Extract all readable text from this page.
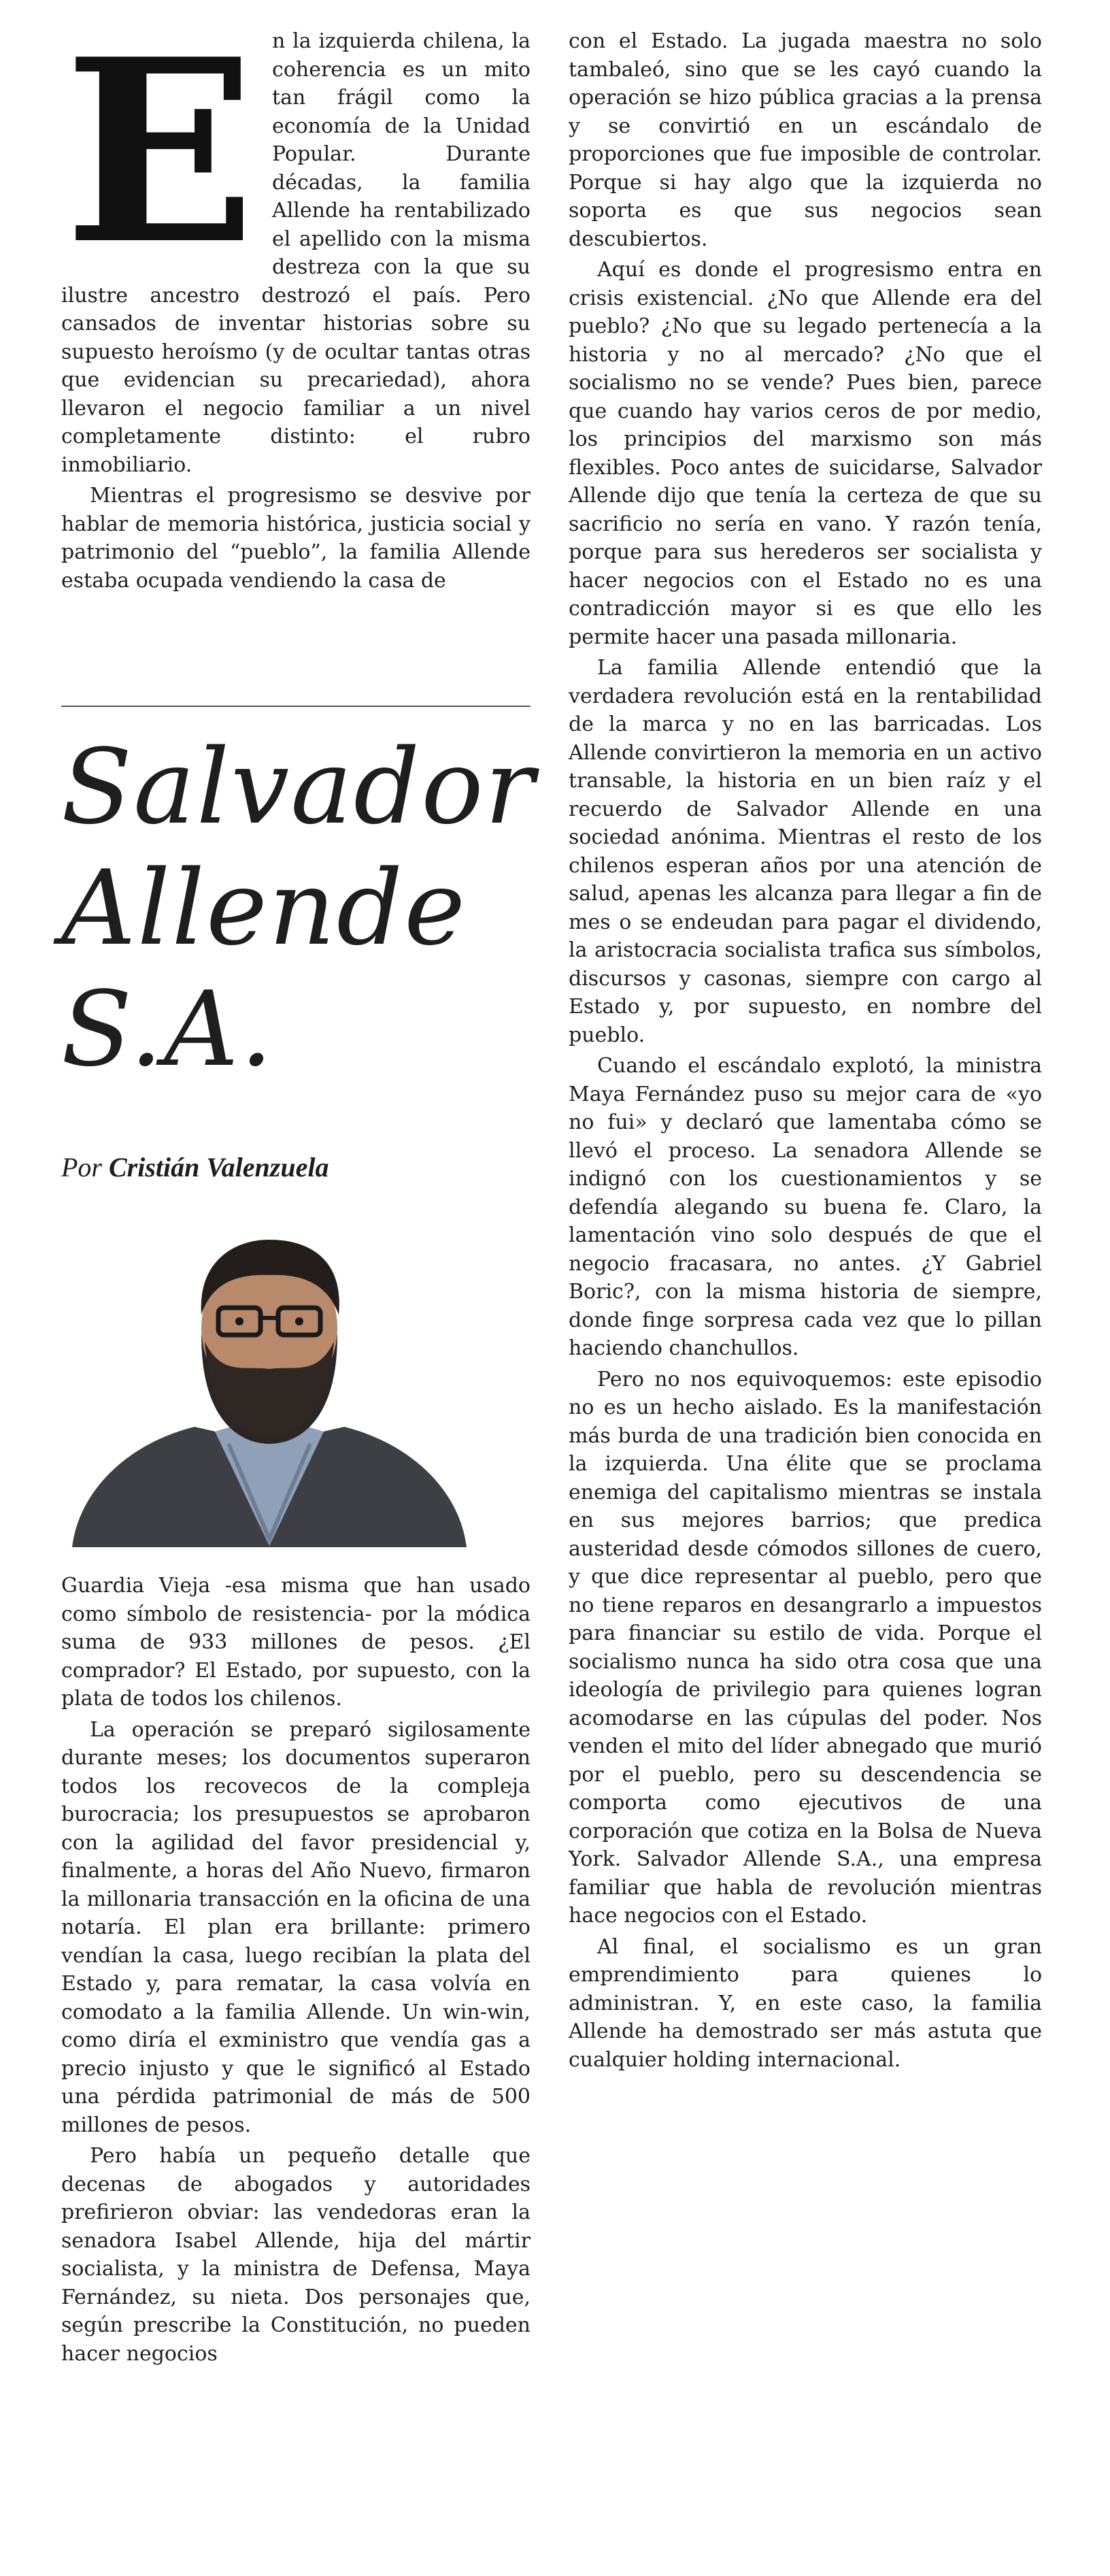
En la izquierda chilena, la coherencia es un mito tan frágil como la economía de la Unidad Popular. Durante décadas, la familia Allende ha rentabilizado el apellido con la misma destreza con la que su ilustre ancestro destrozó el país. Pero cansados de inventar historias sobre su supuesto heroísmo (y de ocultar tantas otras que evidencian su precariedad), ahora llevaron el negocio familiar a un nivel completamente distinto: el rubro inmobiliario.

Mientras el progresismo se desvive por hablar de memoria histórica, justicia social y patrimonio del “pueblo”, la familia Allende estaba ocupada vendiendo la casa de

Salvador Allende S.A.
Por Cristián Valenzuela

Guardia Vieja -esa misma que han usado como símbolo de resistencia- por la módica suma de 933 millones de pesos. ¿El comprador? El Estado, por supuesto, con la plata de todos los chilenos.

La operación se preparó sigilosamente durante meses; los documentos superaron todos los recovecos de la compleja burocracia; los presupuestos se aprobaron con la agilidad del favor presidencial y, finalmente, a horas del Año Nuevo, firmaron la millonaria transacción en la oficina de una notaría. El plan era brillante: primero vendían la casa, luego recibían la plata del Estado y, para rematar, la casa volvía en comodato a la familia Allende. Un win-win, como diría el exministro que vendía gas a precio injusto y que le significó al Estado una pérdida patrimonial de más de 500 millones de pesos.

Pero había un pequeño detalle que decenas de abogados y autoridades prefirieron obviar: las vendedoras eran la senadora Isabel Allende, hija del mártir socialista, y la ministra de Defensa, Maya Fernández, su nieta. Dos personajes que, según prescribe la Constitución, no pueden hacer negocios

con el Estado. La jugada maestra no solo tambaleó, sino que se les cayó cuando la operación se hizo pública gracias a la prensa y se convirtió en un escándalo de proporciones que fue imposible de controlar. Porque si hay algo que la izquierda no soporta es que sus negocios sean descubiertos.

Aquí es donde el progresismo entra en crisis existencial. ¿No que Allende era del pueblo? ¿No que su legado pertenecía a la historia y no al mercado? ¿No que el socialismo no se vende? Pues bien, parece que cuando hay varios ceros de por medio, los principios del marxismo son más flexibles. Poco antes de suicidarse, Salvador Allende dijo que tenía la certeza de que su sacrificio no sería en vano. Y razón tenía, porque para sus herederos ser socialista y hacer negocios con el Estado no es una contradicción mayor si es que ello les permite hacer una pasada millonaria.

La familia Allende entendió que la verdadera revolución está en la rentabilidad de la marca y no en las barricadas. Los Allende convirtieron la memoria en un activo transable, la historia en un bien raíz y el recuerdo de Salvador Allende en una sociedad anónima. Mientras el resto de los chilenos esperan años por una atención de salud, apenas les alcanza para llegar a fin de mes o se endeudan para pagar el dividendo, la aristocracia socialista trafica sus símbolos, discursos y casonas, siempre con cargo al Estado y, por supuesto, en nombre del pueblo.

Cuando el escándalo explotó, la ministra Maya Fernández puso su mejor cara de «yo no fui» y declaró que lamentaba cómo se llevó el proceso. La senadora Allende se indignó con los cuestionamientos y se defendía alegando su buena fe. Claro, la lamentación vino solo después de que el negocio fracasara, no antes. ¿Y Gabriel Boric?, con la misma historia de siempre, donde finge sorpresa cada vez que lo pillan haciendo chanchullos.

Pero no nos equivoquemos: este episodio no es un hecho aislado. Es la manifestación más burda de una tradición bien conocida en la izquierda. Una élite que se proclama enemiga del capitalismo mientras se instala en sus mejores barrios; que predica austeridad desde cómodos sillones de cuero, y que dice representar al pueblo, pero que no tiene reparos en desangrarlo a impuestos para financiar su estilo de vida. Porque el socialismo nunca ha sido otra cosa que una ideología de privilegio para quienes logran acomodarse en las cúpulas del poder. Nos venden el mito del líder abnegado que murió por el pueblo, pero su descendencia se comporta como ejecutivos de una corporación que cotiza en la Bolsa de Nueva York. Salvador Allende S.A., una empresa familiar que habla de revolución mientras hace negocios con el Estado.

Al final, el socialismo es un gran emprendimiento para quienes lo administran. Y, en este caso, la familia Allende ha demostrado ser más astuta que cualquier holding internacional.
